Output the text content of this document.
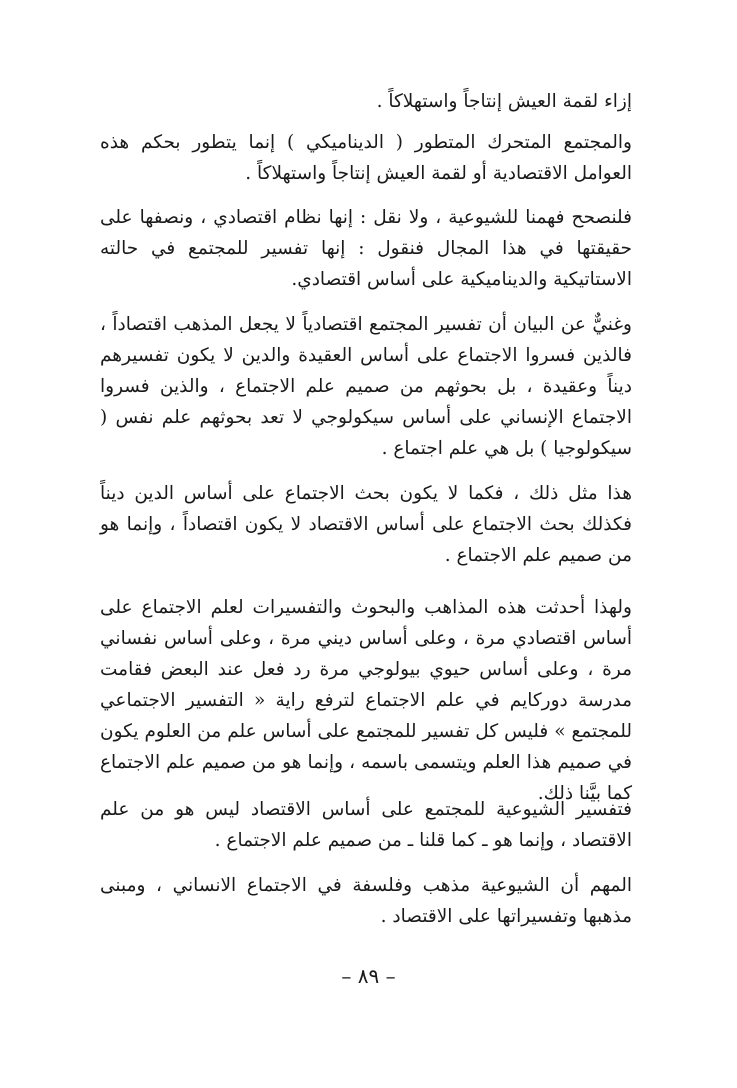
إزاء لقمة العيش إنتاجاً واستهلاكاً .

والمجتمع المتحرك المتطور ( الديناميكي ) إنما يتطور بحكم هذه العوامل الاقتصادية أو لقمة العيش إنتاجاً واستهلاكاً .

فلنصحح فهمنا للشيوعية ، ولا نقل : إنها نظام اقتصادي ، ونصفها على حقيقتها في هذا المجال فنقول : إنها تفسير للمجتمع في حالته الاستاتيكية والديناميكية على أساس اقتصادي.

وغنيٌّ عن البيان أن تفسير المجتمع اقتصادياً لا يجعل المذهب اقتصاداً ، فالذين فسروا الاجتماع على أساس العقيدة والدين لا يكون تفسيرهم ديناً وعقيدة ، بل بحوثهم من صميم علم الاجتماع ، والذين فسروا الاجتماع الإنساني على أساس سيكولوجي لا تعد بحوثهم علم نفس ( سيكولوجيا ) بل هي علم اجتماع .

هذا مثل ذلك ، فكما لا يكون بحث الاجتماع على أساس الدين ديناً فكذلك بحث الاجتماع على أساس الاقتصاد لا يكون اقتصاداً ، وإنما هو من صميم علم الاجتماع .

ولهذا أحدثت هذه المذاهب والبحوث والتفسيرات لعلم الاجتماع على أساس اقتصادي مرة ، وعلى أساس ديني مرة ، وعلى أساس نفساني مرة ، وعلى أساس حيوي بيولوجي مرة رد فعل عند البعض فقامت مدرسة دوركايم في علم الاجتماع لترفع راية « التفسير الاجتماعي للمجتمع » فليس كل تفسير للمجتمع على أساس علم من العلوم يكون في صميم هذا العلم ويتسمى باسمه ، وإنما هو من صميم علم الاجتماع كما بيَّنا ذلك.

فتفسير الشيوعية للمجتمع على أساس الاقتصاد ليس هو من علم الاقتصاد ، وإنما هو ـ كما قلنا ـ من صميم علم الاجتماع .

المهم أن الشيوعية مذهب وفلسفة في الاجتماع الانساني ، ومبنى مذهبها وتفسيراتها على الاقتصاد .

– ٨٩ –
